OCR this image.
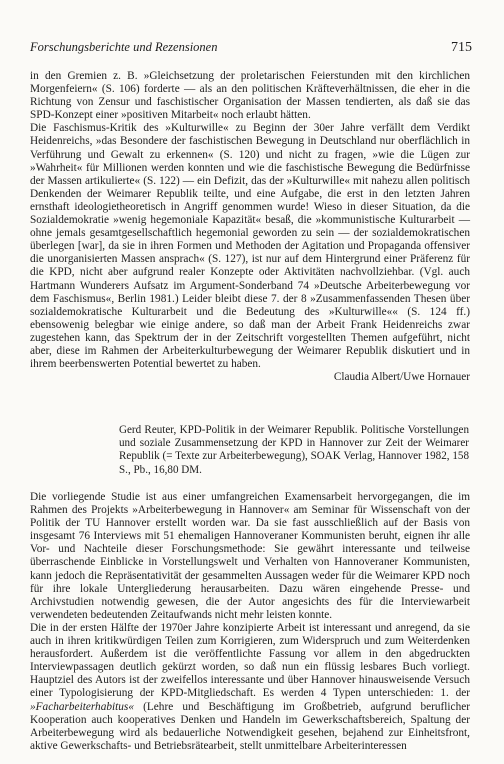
Forschungsberichte und Rezensionen	715

in den Gremien z. B. »Gleichsetzung der proletarischen Feierstunden mit den kirchlichen Morgenfeiern« (S. 106) forderte — als an den politischen Kräfteverhältnissen, die eher in die Richtung von Zensur und faschistischer Organisation der Massen tendierten, als daß sie das SPD-Konzept einer »positiven Mitarbeit« noch erlaubt hätten.

Die Faschismus-Kritik des »Kulturwille« zu Beginn der 30er Jahre verfällt dem Verdikt Heidenreichs, »das Besondere der faschistischen Bewegung in Deutschland nur oberflächlich in Verführung und Gewalt zu erkennen« (S. 120) und nicht zu fragen, »wie die Lügen zur »Wahrheit« für Millionen werden konnten und wie die faschistische Bewegung die Bedürfnisse der Massen artikulierte« (S. 122) — ein Defizit, das der »Kulturwille« mit nahezu allen politisch Denkenden der Weimarer Republik teilte, und eine Aufgabe, die erst in den letzten Jahren ernsthaft ideologietheoretisch in Angriff genommen wurde! Wieso in dieser Situation, da die Sozialdemokratie »wenig hegemoniale Kapazität« besaß, die »kommunistische Kulturarbeit — ohne jemals gesamtgesellschaftlich hegemonial geworden zu sein — der sozialdemokratischen überlegen [war], da sie in ihren Formen und Methoden der Agitation und Propaganda offensiver die unorganisierten Massen ansprach« (S. 127), ist nur auf dem Hintergrund einer Präferenz für die KPD, nicht aber aufgrund realer Konzepte oder Aktivitäten nachvollziehbar. (Vgl. auch Hartmann Wunderers Aufsatz im Argument-Sonderband 74 »Deutsche Arbeiterbewegung vor dem Faschismus«, Berlin 1981.) Leider bleibt diese 7. der 8 »Zusammenfassenden Thesen über sozialdemokratische Kulturarbeit und die Bedeutung des »Kulturwille«« (S. 124 ff.) ebensowenig belegbar wie einige andere, so daß man der Arbeit Frank Heidenreichs zwar zugestehen kann, das Spektrum der in der Zeitschrift vorgestellten Themen aufgeführt, nicht aber, diese im Rahmen der Arbeiterkulturbewegung der Weimarer Republik diskutiert und in ihrem beerbenswerten Potential bewertet zu haben.

Claudia Albert/Uwe Hornauer

Gerd Reuter, KPD-Politik in der Weimarer Republik. Politische Vorstellungen und soziale Zusammensetzung der KPD in Hannover zur Zeit der Weimarer Republik (= Texte zur Arbeiterbewegung), SOAK Verlag, Hannover 1982, 158 S., Pb., 16,80 DM.

Die vorliegende Studie ist aus einer umfangreichen Examensarbeit hervorgegangen, die im Rahmen des Projekts »Arbeiterbewegung in Hannover« am Seminar für Wissenschaft von der Politik der TU Hannover erstellt worden war. Da sie fast ausschließlich auf der Basis von insgesamt 76 Interviews mit 51 ehemaligen Hannoveraner Kommunisten beruht, eignen ihr alle Vor- und Nachteile dieser Forschungsmethode: Sie gewährt interessante und teilweise überraschende Einblicke in Vorstellungswelt und Verhalten von Hannoveraner Kommunisten, kann jedoch die Repräsentativität der gesammelten Aussagen weder für die Weimarer KPD noch für ihre lokale Untergliederung herausarbeiten. Dazu wären eingehende Presse- und Archivstudien notwendig gewesen, die der Autor angesichts des für die Interviewarbeit verwendeten bedeutenden Zeitaufwands nicht mehr leisten konnte.

Die in der ersten Hälfte der 1970er Jahre konzipierte Arbeit ist interessant und anregend, da sie auch in ihren kritikwürdigen Teilen zum Korrigieren, zum Widerspruch und zum Weiterdenken herausfordert. Außerdem ist die veröffentlichte Fassung vor allem in den abgedruckten Interviewpassagen deutlich gekürzt worden, so daß nun ein flüssig lesbares Buch vorliegt. Hauptziel des Autors ist der zweifellos interessante und über Hannover hinausweisende Versuch einer Typologisierung der KPD-Mitgliedschaft. Es werden 4 Typen unterschieden: 1. der »Facharbeiterhabitus« (Lehre und Beschäftigung im Großbetrieb, aufgrund beruflicher Kooperation auch kooperatives Denken und Handeln im Gewerkschaftsbereich, Spaltung der Arbeiterbewegung wird als bedauerliche Notwendigkeit gesehen, bejahend zur Einheitsfront, aktive Gewerkschafts- und Betriebsrätearbeit, stellt unmittelbare Arbeiterinteressen
